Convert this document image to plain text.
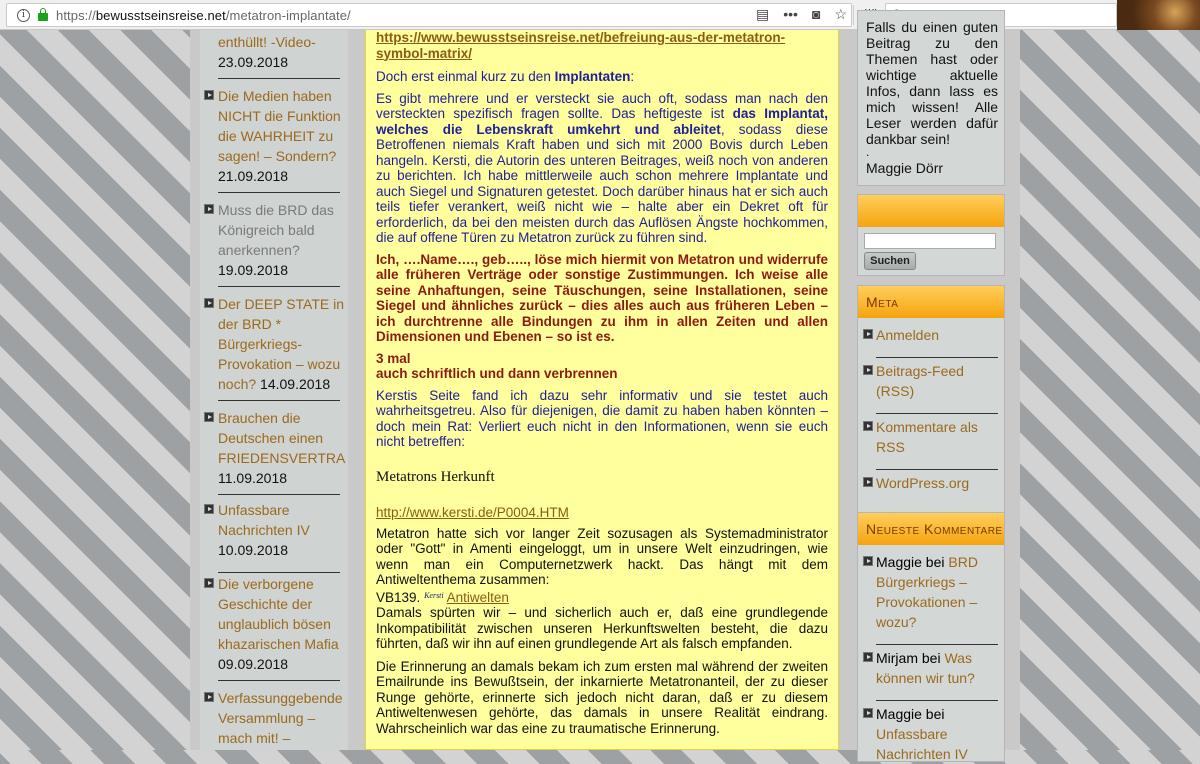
i	https://bewusstseinsreise.net/metatron-implantate/	▤ ••• ◙ ☆
enthüllt! -Video-
23.09.2018
Die Medien haben NICHT die Funktion die WAHRHEIT zu sagen! – Sondern?
21.09.2018
Muss die BRD das Königreich bald anerkennen?
19.09.2018
Der DEEP STATE in der BRD * Bürgerkriegs-Provokation – wozu noch? 14.09.2018
Brauchen die Deutschen einen FRIEDENSVERTRA
11.09.2018
Unfassbare Nachrichten IV
10.09.2018
Die verborgene Geschichte der unglaublich bösen khazarischen Mafia
09.09.2018
Verfassunggebende Versammlung – mach mit! –

https://www.bewusstseinsreise.net/befreiung-aus-der-metatron-symbol-matrix/

Doch erst einmal kurz zu den Implantaten:

Es gibt mehrere und er versteckt sie auch oft, sodass man nach den versteckten spezifisch fragen sollte. Das heftigeste ist das Implantat, welches die Lebenskraft umkehrt und ableitet, sodass diese Betroffenen niemals Kraft haben und sich mit 2000 Bovis durch Leben hangeln. Kersti, die Autorin des unteren Beitrages, weiß noch von anderen zu berichten. Ich habe mittlerweile auch schon mehrere Implantate und auch Siegel und Signaturen getestet. Doch darüber hinaus hat er sich auch teils tiefer verankert, weiß nicht wie – halte aber ein Dekret oft für erforderlich, da bei den meisten durch das Auflösen Ängste hochkommen, die auf offene Türen zu Metatron zurück zu führen sind.

Ich, ….Name…., geb….., löse mich hiermit von Metatron und widerrufe alle früheren Verträge oder sonstige Zustimmungen. Ich weise alle seine Anhaftungen, seine Täuschungen, seine Installationen, seine Siegel und ähnliches zurück – dies alles auch aus früheren Leben – ich durchtrenne alle Bindungen zu ihm in allen Zeiten und allen Dimensionen und Ebenen – so ist es.

3 mal
auch schriftlich und dann verbrennen

Kerstis Seite fand ich dazu sehr informativ und sie testet auch wahrheitsgetreu. Also für diejenigen, die damit zu haben haben könnten – doch mein Rat: Verliert euch nicht in den Informationen, wenn sie euch nicht betreffen:

Metatrons Herkunft

http://www.kersti.de/P0004.HTM

Metatron hatte sich vor langer Zeit sozusagen als Systemadministrator oder "Gott" in Amenti eingeloggt, um in unsere Welt einzudringen, wie wenn man ein Computernetzwerk hackt. Das hängt mit dem Antiweltenthema zusammen:

VB139. $^{Kersti}$ Antiwelten

Damals spürten wir – und sicherlich auch er, daß eine grundlegende Inkompatibilität zwischen unseren Herkunftswelten besteht, die dazu führten, daß wir ihn auf einen grundlegende Art als falsch empfanden.

Die Erinnerung an damals bekam ich zum ersten mal während der zweiten Emailrunde ins Bewußtsein, der inkarnierte Metatronanteil, der zu dieser Runge gehörte, erinnerte sich jedoch nicht daran, daß er zu diesem Antiweltenwesen gehörte, das damals in unsere Realität eindrang. Wahrscheinlich war das eine zu traumatische Erinnerung.

Falls du einen guten Beitrag zu den Themen hast oder wichtige aktuelle Infos, dann lass es mich wissen! Alle Leser werden dafür dankbar sein!

.

Maggie Dörr

Suchen
Meta
Anmelden
Beitrags-Feed (RSS)
Kommentare als RSS
WordPress.org
Neueste Kommentare
Maggie bei BRD Bürgerkriegs – Provokationen – wozu?
Mirjam bei Was können wir tun?
Maggie bei Unfassbare Nachrichten IV
